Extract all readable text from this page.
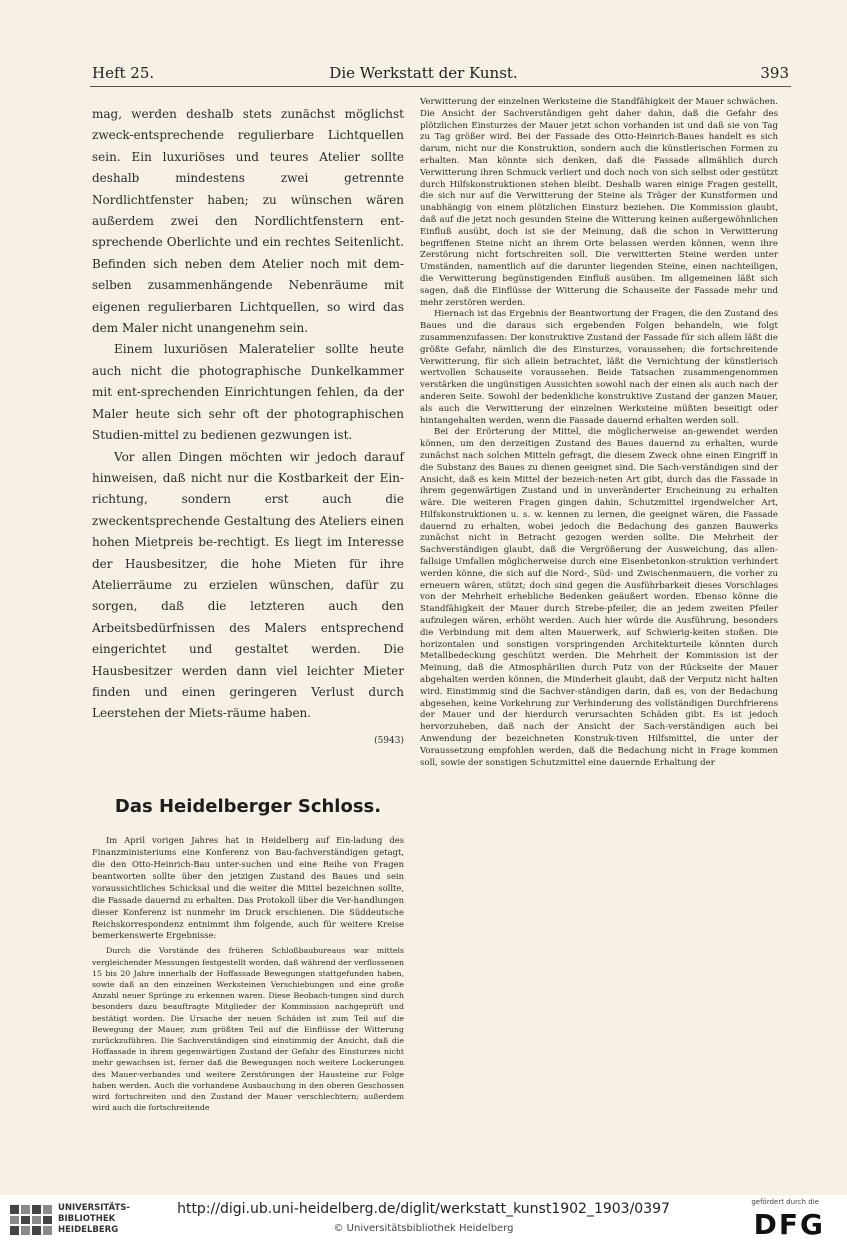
Heft 25.	Die Werkstatt der Kunst.	393

mag, werden deshalb stets zunächst möglichst zweck-entsprechende regulierbare Lichtquellen sein. Ein luxuriöses und teures Atelier sollte deshalb mindestens zwei getrennte Nordlichtfenster haben; zu wünschen wären außerdem zwei den Nordlichtfenstern ent-sprechende Oberlichte und ein rechtes Seitenlicht. Befinden sich neben dem Atelier noch mit dem-selben zusammenhängende Nebenräume mit eigenen regulierbaren Lichtquellen, so wird das dem Maler nicht unangenehm sein.

Einem luxuriösen Maleratelier sollte heute auch nicht die photographische Dunkelkammer mit ent-sprechenden Einrichtungen fehlen, da der Maler heute sich sehr oft der photographischen Studien-mittel zu bedienen gezwungen ist.

Vor allen Dingen möchten wir jedoch darauf hinweisen, daß nicht nur die Kostbarkeit der Ein-richtung, sondern erst auch die zweckentsprechende Gestaltung des Ateliers einen hohen Mietpreis be-rechtigt. Es liegt im Interesse der Hausbesitzer, die hohe Mieten für ihre Atelierräume zu erzielen wünschen, dafür zu sorgen, daß die letzteren auch den Arbeitsbedürfnissen des Malers entsprechend eingerichtet und gestaltet werden. Die Hausbesitzer werden dann viel leichter Mieter finden und einen geringeren Verlust durch Leerstehen der Miets-räume haben.

(5943)
Das Heidelberger Schloss.

Im April vorigen Jahres hat in Heidelberg auf Ein-ladung des Finanzministeriums eine Konferenz von Bau-fachverständigen getagt, die den Otto-Heinrich-Bau unter-suchen und eine Reihe von Fragen beantworten sollte über den jetzigen Zustand des Baues und sein voraussichtliches Schicksal und die weiter die Mittel bezeichnen sollte, die Fassade dauernd zu erhalten. Das Protokoll über die Ver-handlungen dieser Konferenz ist nunmehr im Druck erschienen. Die Süddeutsche Reichskorrespondenz entnimmt ihm folgende, auch für weitere Kreise bemerkenswerte Ergebnisse:

Durch die Vorstände des früheren Schloßbaubureaus war mittels vergleichender Messungen festgestellt worden, daß während der verflossenen 15 bis 20 Jahre innerhalb der Hoffassade Bewegungen stattgefunden haben, sowie daß an den einzelnen Werksteinen Verschiebungen und eine große Anzahl neuer Sprünge zu erkennen waren. Diese Beobach-tungen sind durch besonders dazu beauftragte Mitglieder der Kommission nachgeprüft und bestätigt worden. Die Ursache der neuen Schäden ist zum Teil auf die Bewegung der Mauer, zum größten Teil auf die Einflüsse der Witterung zurückzuführen. Die Sachverständigen sind einstimmig der Ansicht, daß die Hoffassade in ihrem gegenwärtigen Zustand der Gefahr des Einsturzes nicht mehr gewachsen ist, ferner daß die Bewegungen noch weitere Lockerungen des Mauer-verbandes und weitere Zerstörungen der Hausteine zur Folge haben werden. Auch die vorhandene Ausbauchung in den oberen Geschossen wird fortschreiten und den Zustand der Mauer verschlechtern; außerdem wird auch die fortschreitende

Verwitterung der einzelnen Werksteine die Standfähigkeit der Mauer schwächen. Die Ansicht der Sachverständigen geht daher dahin, daß die Gefahr des plötzlichen Einsturzes der Mauer jetzt schon vorhanden ist und daß sie von Tag zu Tag größer wird. Bei der Fassade des Otto-Heinrich-Baues handelt es sich darum, nicht nur die Konstruktion, sondern auch die künstlerischen Formen zu erhalten. Man könnte sich denken, daß die Fassade allmählich durch Verwitterung ihren Schmuck verliert und doch noch von sich selbst oder gestützt durch Hilfskonstruktionen stehen bleibt. Deshalb waren einige Fragen gestellt, die sich nur auf die Verwitterung der Steine als Träger der Kunstformen und unabhängig von einem plötzlichen Einsturz beziehen. Die Kommission glaubt, daß auf die jetzt noch gesunden Steine die Witterung keinen außergewöhnlichen Einfluß ausübt, doch ist sie der Meinung, daß die schon in Verwitterung begriffenen Steine nicht an ihrem Orte belassen werden können, wenn ihre Zerstörung nicht fortschreiten soll. Die verwitterten Steine werden unter Umständen, namentlich auf die darunter liegenden Steine, einen nachteiligen, die Verwitterung begünstigenden Einfluß ausüben. Im allgemeinen läßt sich sagen, daß die Einflüsse der Witterung die Schauseite der Fassade mehr und mehr zerstören werden.

Hiernach ist das Ergebnis der Beantwortung der Fragen, die den Zustand des Baues und die daraus sich ergebenden Folgen behandeln, wie folgt zusammenzufassen: Der konstruktive Zustand der Fassade für sich allein läßt die größte Gefahr, nämlich die des Einsturzes, voraussehen; die fortschreitende Verwitterung, für sich allein betrachtet, läßt die Vernichtung der künstlerisch wertvollen Schauseite voraussehen. Beide Tatsachen zusammengenommen verstärken die ungünstigen Aussichten sowohl nach der einen als auch nach der anderen Seite. Sowohl der bedenkliche konstruktive Zustand der ganzen Mauer, als auch die Verwitterung der einzelnen Werksteine müßten beseitigt oder hintangehalten werden, wenn die Fassade dauernd erhalten werden soll.

Bei der Erörterung der Mittel, die möglicherweise an-gewendet werden können, um den derzeitigen Zustand des Baues dauernd zu erhalten, wurde zunächst nach solchen Mitteln gefragt, die diesem Zweck ohne einen Eingriff in die Substanz des Baues zu dienen geeignet sind. Die Sach-verständigen sind der Ansicht, daß es kein Mittel der bezeich-neten Art gibt, durch das die Fassade in ihrem gegenwärtigen Zustand und in unveränderter Erscheinung zu erhalten wäre. Die weiteren Fragen gingen dahin, Schutzmittel irgendwelcher Art, Hilfskonstruktionen u. s. w. kennen zu lernen, die geeignet wären, die Fassade dauernd zu erhalten, wobei jedoch die Bedachung des ganzen Bauwerks zunächst nicht in Betracht gezogen werden sollte. Die Mehrheit der Sachverständigen glaubt, daß die Vergrößerung der Ausweichung, das allen-fallsige Umfallen möglicherweise durch eine Eisenbetonkon-struktion verhindert werden könne, die sich auf die Nord-, Süd- und Zwischenmauern, die vorher zu erneuern wären, stützt; doch sind gegen die Ausführbarkeit dieses Vorschlages von der Mehrheit erhebliche Bedenken geäußert worden. Ebenso könne die Standfähigkeit der Mauer durch Strebe-pfeiler, die an jedem zweiten Pfeiler aufzulegen wären, erhöht werden. Auch hier würde die Ausführung, besonders die Verbindung mit dem alten Mauerwerk, auf Schwierig-keiten stoßen. Die horizontalen und sonstigen vorspringenden Architekturteile könnten durch Metallbedeckung geschützt werden. Die Mehrheit der Kommission ist der Meinung, daß die Atmosphärilien durch Putz von der Rückseite der Mauer abgehalten werden können, die Minderheit glaubt, daß der Verputz nicht halten wird. Einstimmig sind die Sachver-ständigen darin, daß es, von der Bedachung abgesehen, keine Vorkehrung zur Verhinderung des vollständigen Durchfrierens der Mauer und der hierdurch verursachten Schäden gibt. Es ist jedoch hervorzuheben, daß nach der Ansicht der Sach-verständigen auch bei Anwendung der bezeichneten Konstruk-tiven Hilfsmittel, die unter der Voraussetzung empfohlen werden, daß die Bedachung nicht in Frage kommen soll, sowie der sonstigen Schutzmittel eine dauernde Erhaltung der

UNIVERSITÄTS-
BIBLIOTHEK
HEIDELBERG
http://digi.ub.uni-heidelberg.de/diglit/werkstatt_kunst1902_1903/0397
© Universitätsbibliothek Heidelberg
gefördert durch die
DFG
